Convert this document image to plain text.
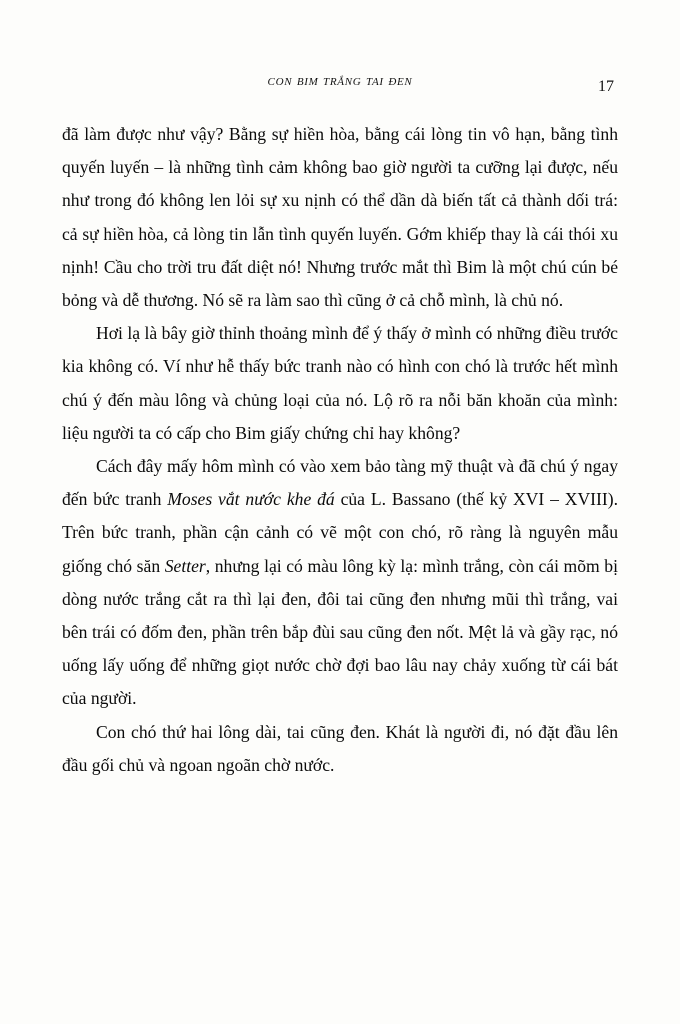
con bim trắng tai đen	17

đã làm được như vậy? Bằng sự hiền hòa, bằng cái lòng tin vô hạn, bằng tình quyến luyến – là những tình cảm không bao giờ người ta cưỡng lại được, nếu như trong đó không len lỏi sự xu nịnh có thể dần dà biến tất cả thành dối trá: cả sự hiền hòa, cả lòng tin lẫn tình quyến luyến. Gớm khiếp thay là cái thói xu nịnh! Cầu cho trời tru đất diệt nó! Nhưng trước mắt thì Bim là một chú cún bé bỏng và dễ thương. Nó sẽ ra làm sao thì cũng ở cả chỗ mình, là chủ nó.

Hơi lạ là bây giờ thỉnh thoảng mình để ý thấy ở mình có những điều trước kia không có. Ví như hễ thấy bức tranh nào có hình con chó là trước hết mình chú ý đến màu lông và chủng loại của nó. Lộ rõ ra nỗi băn khoăn của mình: liệu người ta có cấp cho Bim giấy chứng chỉ hay không?

Cách đây mấy hôm mình có vào xem bảo tàng mỹ thuật và đã chú ý ngay đến bức tranh Moses vắt nước khe đá của L. Bassano (thế kỷ XVI – XVIII). Trên bức tranh, phần cận cảnh có vẽ một con chó, rõ ràng là nguyên mẫu giống chó săn Setter, nhưng lại có màu lông kỳ lạ: mình trắng, còn cái mõm bị dòng nước trắng cắt ra thì lại đen, đôi tai cũng đen nhưng mũi thì trắng, vai bên trái có đốm đen, phần trên bắp đùi sau cũng đen nốt. Mệt lả và gầy rạc, nó uống lấy uống để những giọt nước chờ đợi bao lâu nay chảy xuống từ cái bát của người.

Con chó thứ hai lông dài, tai cũng đen. Khát là người đi, nó đặt đầu lên đầu gối chủ và ngoan ngoãn chờ nước.
